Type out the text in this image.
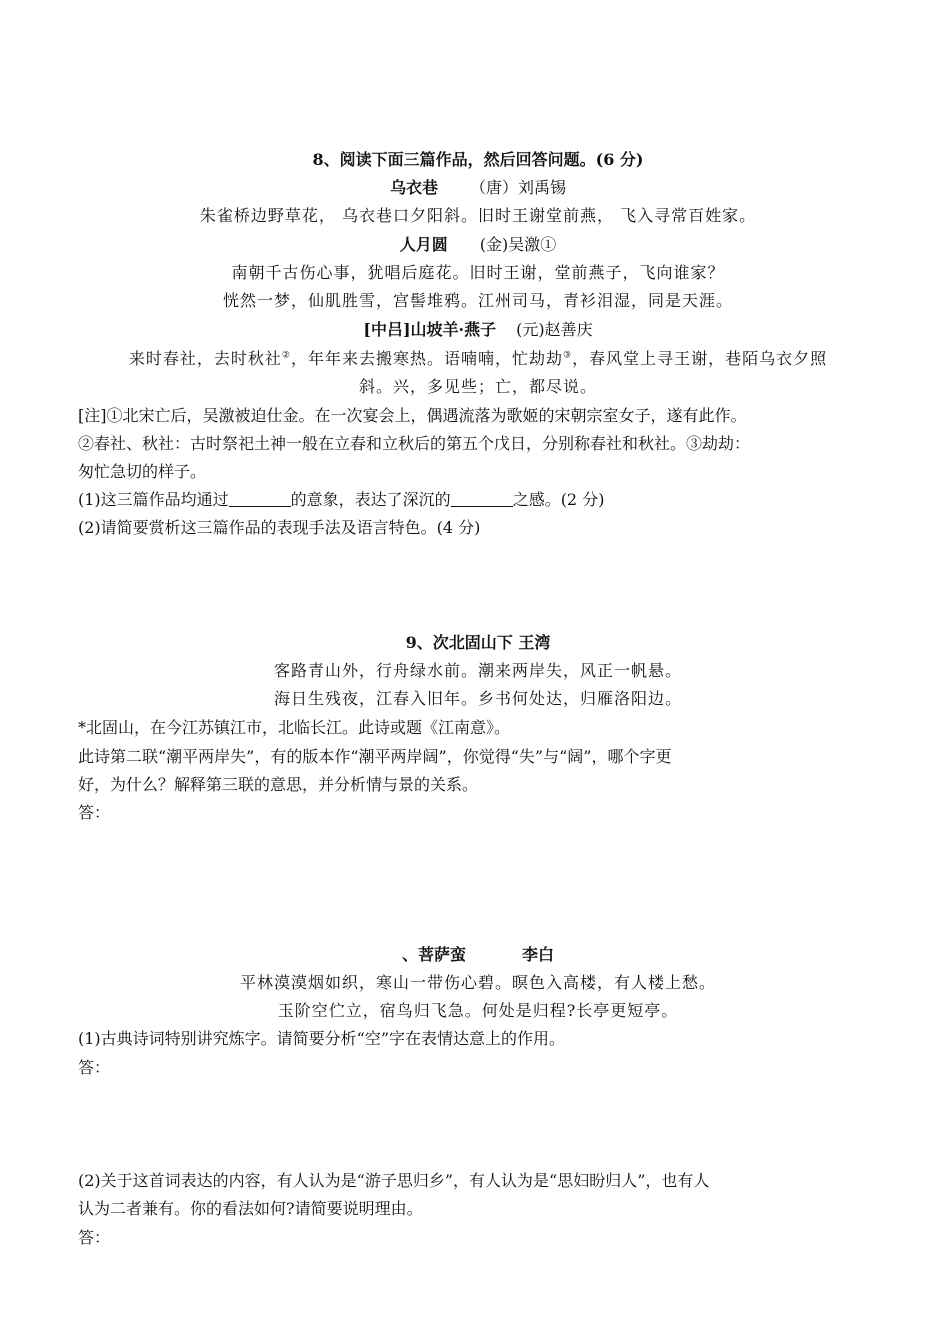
8、阅读下面三篇作品，然后回答问题。(6 分)
乌衣巷 （唐）刘禹锡
朱雀桥边野草花， 乌衣巷口夕阳斜。旧时王谢堂前燕， 飞入寻常百姓家。
人月圆 (金)吴激①
南朝千古伤心事，犹唱后庭花。旧时王谢，堂前燕子，飞向谁家？
恍然一梦，仙肌胜雪，宫髻堆鸦。江州司马，青衫泪湿，同是天涯。
[中吕]山坡羊·燕子 (元)赵善庆
来时春社，去时秋社②，年年来去搬寒热。语喃喃，忙劫劫③，春风堂上寻王谢，巷陌乌衣夕照
斜。兴，多见些；亡，都尽说。
[注]①北宋亡后，吴激被迫仕金。在一次宴会上，偶遇流落为歌姬的宋朝宗室女子，遂有此作。
②春社、秋社：古时祭祀土神一般在立春和立秋后的第五个戊日，分别称春社和秋社。③劫劫：
匆忙急切的样子。
(1)这三篇作品均通过	的意象，表达了深沉的	之感。(2 分)
(2)请简要赏析这三篇作品的表现手法及语言特色。(4 分)
9、次北固山下 王湾
客路青山外，行舟绿水前。潮来两岸失，风正一帆悬。
海日生残夜，江春入旧年。乡书何处达，归雁洛阳边。
*北固山，在今江苏镇江市，北临长江。此诗或题《江南意》。
此诗第二联“潮平两岸失”，有的版本作“潮平两岸阔”，你觉得“失”与“阔”，哪个字更
好，为什么？解释第三联的意思，并分析情与景的关系。
答：
、菩萨蛮	李白
平林漠漠烟如织，寒山一带伤心碧。暝色入高楼，有人楼上愁。
玉阶空伫立，宿鸟归飞急。何处是归程?长亭更短亭。
(1)古典诗词特别讲究炼字。请简要分析“空”字在表情达意上的作用。
答：
(2)关于这首词表达的内容，有人认为是“游子思归乡”，有人认为是“思妇盼归人”，也有人
认为二者兼有。你的看法如何?请简要说明理由。
答：
